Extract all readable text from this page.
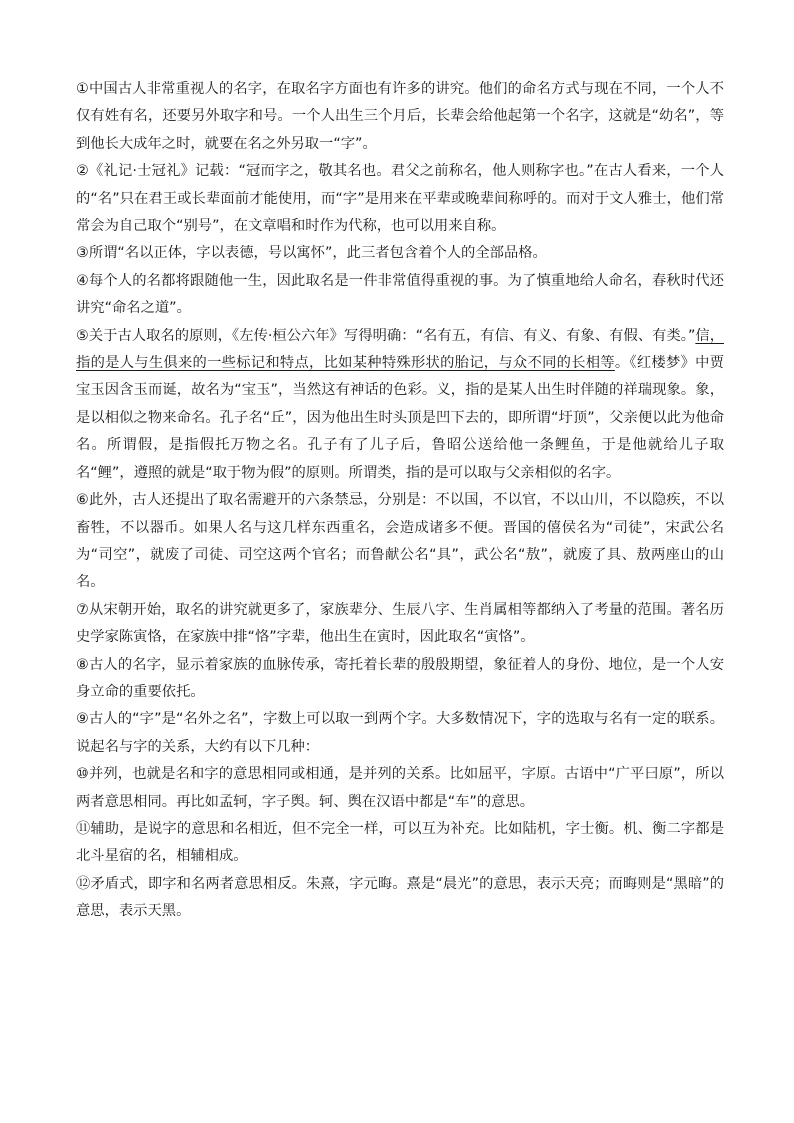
①中国古人非常重视人的名字，在取名字方面也有许多的讲究。他们的命名方式与现在不同，一个人不仅有姓有名，还要另外取字和号。一个人出生三个月后，长辈会给他起第一个名字，这就是“幼名”，等到他长大成年之时，就要在名之外另取一“字”。

②《礼记·士冠礼》记载：“冠而字之，敬其名也。君父之前称名，他人则称字也。”在古人看来，一个人的“名”只在君王或长辈面前才能使用，而“字”是用来在平辈或晚辈间称呼的。而对于文人雅士，他们常常会为自己取个“别号”，在文章唱和时作为代称，也可以用来自称。

③所谓“名以正体，字以表德，号以寓怀”，此三者包含着个人的全部品格。

④每个人的名都将跟随他一生，因此取名是一件非常值得重视的事。为了慎重地给人命名，春秋时代还讲究“命名之道”。

⑤关于古人取名的原则，《左传·桓公六年》写得明确：“名有五，有信、有义、有象、有假、有类。”信，指的是人与生俱来的一些标记和特点，比如某种特殊形状的胎记，与众不同的长相等。《红楼梦》中贾宝玉因含玉而诞，故名为“宝玉”，当然这有神话的色彩。义，指的是某人出生时伴随的祥瑞现象。象，是以相似之物来命名。孔子名“丘”，因为他出生时头顶是凹下去的，即所谓“圩顶”，父亲便以此为他命名。所谓假，是指假托万物之名。孔子有了儿子后，鲁昭公送给他一条鲤鱼，于是他就给儿子取名“鲤”，遵照的就是“取于物为假”的原则。所谓类，指的是可以取与父亲相似的名字。

⑥此外，古人还提出了取名需避开的六条禁忌，分别是：不以国，不以官，不以山川，不以隐疾，不以畜牲，不以器币。如果人名与这几样东西重名，会造成诸多不便。晋国的僖侯名为“司徒”，宋武公名为“司空”，就废了司徒、司空这两个官名；而鲁献公名“具”，武公名“敖”，就废了具、敖两座山的山名。

⑦从宋朝开始，取名的讲究就更多了，家族辈分、生辰八字、生肖属相等都纳入了考量的范围。著名历史学家陈寅恪，在家族中排“恪”字辈，他出生在寅时，因此取名“寅恪”。

⑧古人的名字，显示着家族的血脉传承，寄托着长辈的殷殷期望，象征着人的身份、地位，是一个人安身立命的重要依托。

⑨古人的“字”是“名外之名”，字数上可以取一到两个字。大多数情况下，字的选取与名有一定的联系。说起名与字的关系，大约有以下几种：

⑩并列，也就是名和字的意思相同或相通，是并列的关系。比如屈平，字原。古语中“广平曰原”，所以两者意思相同。再比如孟轲，字子舆。轲、舆在汉语中都是“车”的意思。

⑪辅助，是说字的意思和名相近，但不完全一样，可以互为补充。比如陆机，字士衡。机、衡二字都是北斗星宿的名，相辅相成。

⑫矛盾式，即字和名两者意思相反。朱熹，字元晦。熹是“晨光”的意思，表示天亮；而晦则是“黑暗”的意思，表示天黑。
